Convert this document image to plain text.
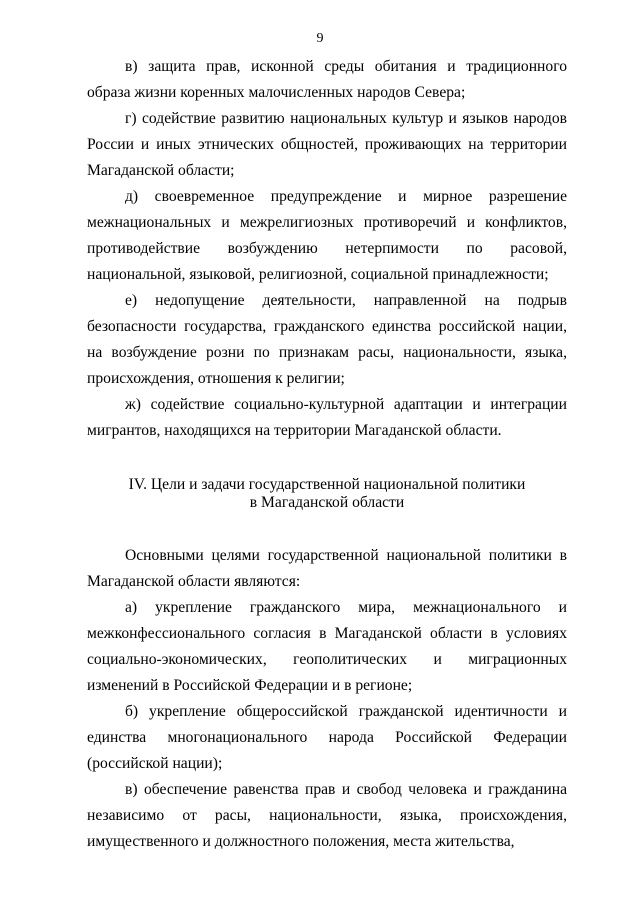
9

в) защита прав, исконной среды обитания и традиционного образа жизни коренных малочисленных народов Севера;

г) содействие развитию национальных культур и языков народов России и иных этнических общностей, проживающих на территории Магаданской области;

д) своевременное предупреждение и мирное разрешение межнациональных и межрелигиозных противоречий и конфликтов, противодействие возбуждению нетерпимости по расовой, национальной, языковой, религиозной, социальной принадлежности;

е) недопущение деятельности, направленной на подрыв безопасности государства, гражданского единства российской нации, на возбуждение розни по признакам расы, национальности, языка, происхождения, отношения к религии;

ж) содействие социально-культурной адаптации и интеграции мигрантов, находящихся на территории Магаданской области.

IV. Цели и задачи государственной национальной политики
в Магаданской области

Основными целями государственной национальной политики в Магаданской области являются:

а) укрепление гражданского мира, межнационального и межконфессионального согласия в Магаданской области в условиях социально-экономических, геополитических и миграционных изменений в Российской Федерации и в регионе;

б) укрепление общероссийской гражданской идентичности и единства многонационального народа Российской Федерации (российской нации);

в) обеспечение равенства прав и свобод человека и гражданина независимо от расы, национальности, языка, происхождения, имущественного и должностного положения, места жительства,
